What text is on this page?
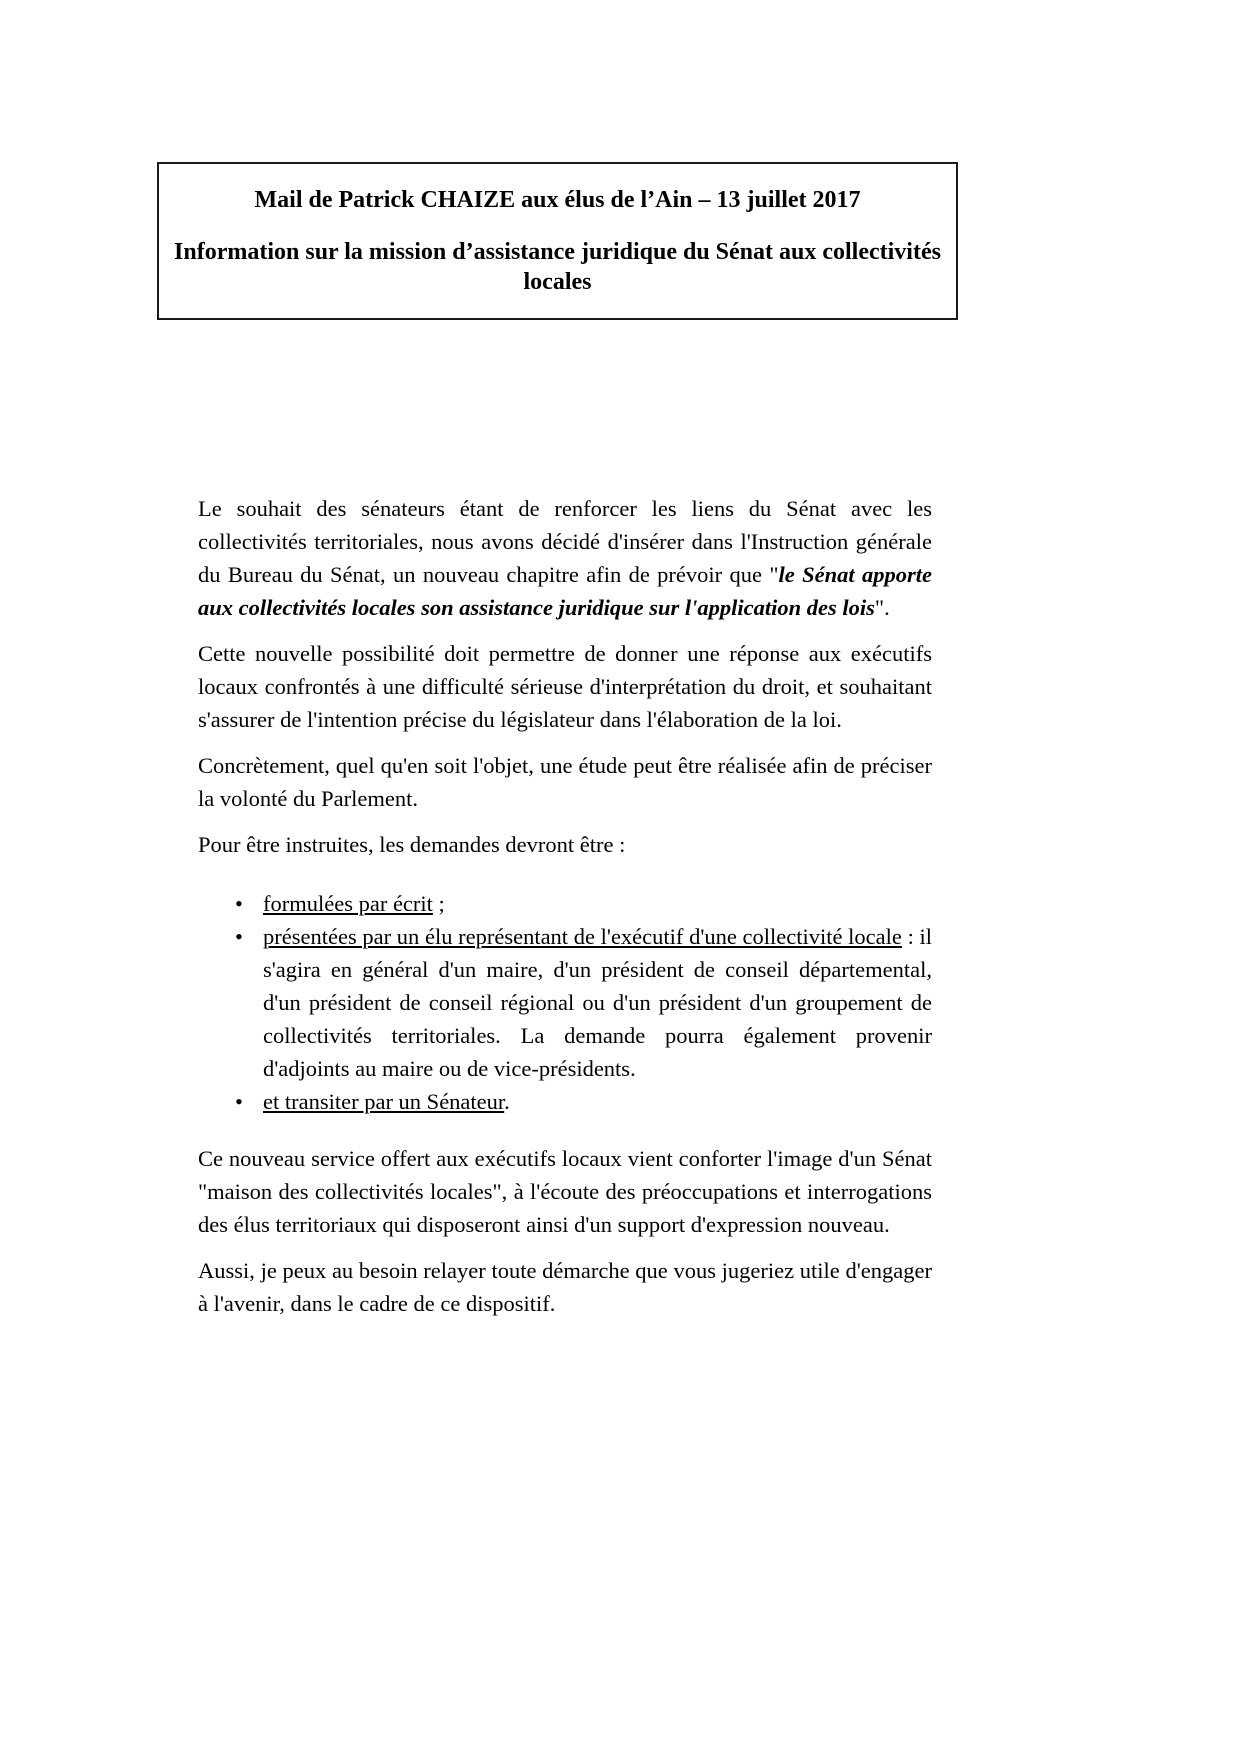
Mail de Patrick CHAIZE aux élus de l’Ain – 13 juillet 2017

Information sur la mission d’assistance juridique du Sénat aux collectivités locales

Le souhait des sénateurs étant de renforcer les liens du Sénat avec les collectivités territoriales, nous avons décidé d'insérer dans l'Instruction générale du Bureau du Sénat, un nouveau chapitre afin de prévoir que "le Sénat apporte aux collectivités locales son assistance juridique sur l'application des lois".

Cette nouvelle possibilité doit permettre de donner une réponse aux exécutifs locaux confrontés à une difficulté sérieuse d'interprétation du droit, et souhaitant s'assurer de l'intention précise du législateur dans l'élaboration de la loi.

Concrètement, quel qu'en soit l'objet, une étude peut être réalisée afin de préciser la volonté du Parlement.

Pour être instruites, les demandes devront être :

• formulées par écrit ;
• présentées par un élu représentant de l'exécutif d'une collectivité locale : il s'agira en général d'un maire, d'un président de conseil départemental, d'un président de conseil régional ou d'un président d'un groupement de collectivités territoriales. La demande pourra également provenir d'adjoints au maire ou de vice-présidents.
• et transiter par un Sénateur.

Ce nouveau service offert aux exécutifs locaux vient conforter l'image d'un Sénat "maison des collectivités locales", à l'écoute des préoccupations et interrogations des élus territoriaux qui disposeront ainsi d'un support d'expression nouveau.

Aussi, je peux au besoin relayer toute démarche que vous jugeriez utile d'engager à l'avenir, dans le cadre de ce dispositif.
